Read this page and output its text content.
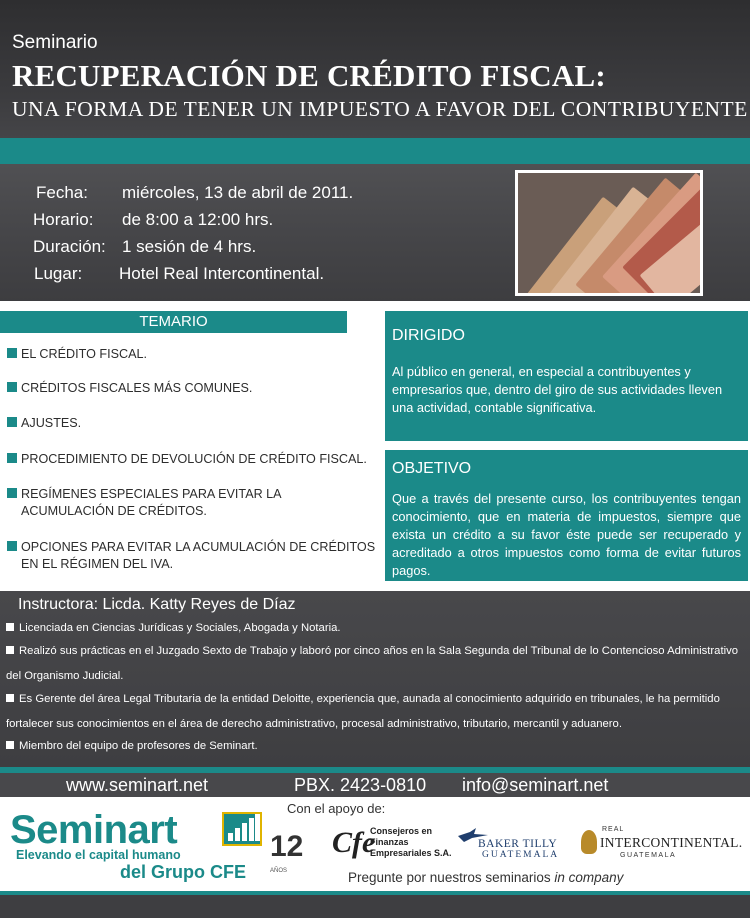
Seminario
RECUPERACIÓN DE CRÉDITO FISCAL:
UNA FORMA DE TENER UN IMPUESTO A FAVOR DEL CONTRIBUYENTE
Fecha: miércoles, 13 de abril de 2011.
Horario: de 8:00 a 12:00 hrs.
Duración: 1 sesión de 4 hrs.
Lugar: Hotel Real Intercontinental.
TEMARIO
EL CRÉDITO FISCAL.
CRÉDITOS FISCALES MÁS COMUNES.
AJUSTES.
PROCEDIMIENTO DE DEVOLUCIÓN DE CRÉDITO FISCAL.
REGÍMENES ESPECIALES PARA EVITAR LA ACUMULACIÓN DE CRÉDITOS.
OPCIONES PARA EVITAR LA ACUMULACIÓN DE CRÉDITOS EN EL RÉGIMEN DEL IVA.
DIRIGIDO
Al público en general, en especial a contribuyentes y empresarios que, dentro del giro de sus actividades lleven una actividad, contable significativa.
OBJETIVO
Que a través del presente curso, los contribuyentes tengan conocimiento, que en materia de impuestos, siempre que exista un crédito a su favor éste puede ser recuperado y acreditado a otros impuestos como forma de evitar futuros pagos.
Instructora: Licda. Katty Reyes de Díaz
Licenciada en Ciencias Jurídicas y Sociales, Abogada y Notaria.
Realizó sus prácticas en el Juzgado Sexto de Trabajo y laboró por cinco años en la Sala Segunda del Tribunal de lo Contencioso Administrativo del Organismo Judicial.
Es Gerente del área Legal Tributaria de la entidad Deloitte, experiencia que, aunada al conocimiento adquirido en tribunales, le ha permitido fortalecer sus conocimientos en el área de derecho administrativo, procesal administrativo, tributario, mercantil y aduanero.
Miembro del equipo de profesores de Seminart.
www.seminart.net	PBX. 2423-0810 info@seminart.net
Con el apoyo de:
Seminart
Elevando el capital humano
del Grupo CFE
12
AÑOS
Cfe
Consejeros en
Finanzas
Empresariales S.A.
BAKER TILLY
GUATEMALA
REAL
INTERCONTINENTAL.
GUATEMALA
Pregunte por nuestros seminarios in company
